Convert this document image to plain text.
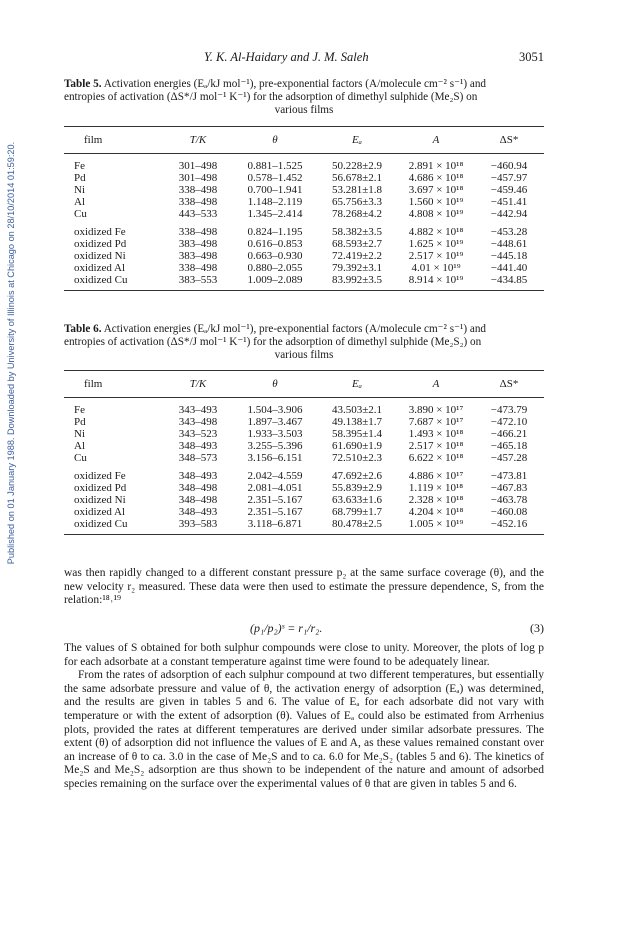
Published on 01 January 1988. Downloaded by University of Illinois at Chicago on 28/10/2014 01:59:20.
Y. K. Al-Haidary and J. M. Saleh	3051
Table 5. Activation energies (Eₐ/kJ mol⁻¹), pre-exponential factors (A/molecule cm⁻² s⁻¹) and
entropies of activation (ΔS*/J mol⁻¹ K⁻¹) for the adsorption of dimethyl sulphide (Me₂S) on
various films
film	T/K	θ	Eₐ	A	ΔS*
Fe	301–498	0.881–1.525	50.228±2.9	2.891 × 10¹⁸	−460.94
Pd	301–498	0.578–1.452	56.678±2.1	4.686 × 10¹⁸	−457.97
Ni	338–498	0.700–1.941	53.281±1.8	3.697 × 10¹⁸	−459.46
Al	338–498	1.148–2.119	65.756±3.3	1.560 × 10¹⁹	−451.41
Cu	443–533	1.345–2.414	78.268±4.2	4.808 × 10¹⁹	−442.94
oxidized Fe	338–498	0.824–1.195	58.382±3.5	4.882 × 10¹⁸	−453.28
oxidized Pd	383–498	0.616–0.853	68.593±2.7	1.625 × 10¹⁹	−448.61
oxidized Ni	383–498	0.663–0.930	72.419±2.2	2.517 × 10¹⁹	−445.18
oxidized Al	338–498	0.880–2.055	79.392±3.1	4.01 × 10¹⁹	−441.40
oxidized Cu	383–553	1.009–2.089	83.992±3.5	8.914 × 10¹⁹	−434.85
Table 6. Activation energies (Eₐ/kJ mol⁻¹), pre-exponential factors (A/molecule cm⁻² s⁻¹) and
entropies of activation (ΔS*/J mol⁻¹ K⁻¹) for the adsorption of dimethyl sulphide (Me₂S₂) on
various films
film	T/K	θ	Eₐ	A	ΔS*
Fe	343–493	1.504–3.906	43.503±2.1	3.890 × 10¹⁷	−473.79
Pd	343–498	1.897–3.467	49.138±1.7	7.687 × 10¹⁷	−472.10
Ni	343–523	1.933–3.503	58.395±1.4	1.493 × 10¹⁸	−466.21
Al	348–493	3.255–5.396	61.690±1.9	2.517 × 10¹⁸	−465.18
Cu	348–573	3.156–6.151	72.510±2.3	6.622 × 10¹⁸	−457.28
oxidized Fe	348–493	2.042–4.559	47.692±2.6	4.886 × 10¹⁷	−473.81
oxidized Pd	348–498	2.081–4.051	55.839±2.9	1.119 × 10¹⁸	−467.83
oxidized Ni	348–498	2.351–5.167	63.633±1.6	2.328 × 10¹⁸	−463.78
oxidized Al	348–493	2.351–5.167	68.799±1.7	4.204 × 10¹⁸	−460.08
oxidized Cu	393–583	3.118–6.871	80.478±2.5	1.005 × 10¹⁹	−452.16

was then rapidly changed to a different constant pressure p₂ at the same surface coverage (θ), and the new velocity r₂ measured. These data were then used to estimate the pressure dependence, S, from the relation:¹⁸˒¹⁹

(p₁/p₂)ˢ = r₁/r₂.	(3)

The values of S obtained for both sulphur compounds were close to unity. Moreover, the plots of log p for each adsorbate at a constant temperature against time were found to be adequately linear.

From the rates of adsorption of each sulphur compound at two different temperatures, but essentially the same adsorbate pressure and value of θ, the activation energy of adsorption (Eₐ) was determined, and the results are given in tables 5 and 6. The value of Eₐ for each adsorbate did not vary with temperature or with the extent of adsorption (θ). Values of Eₐ could also be estimated from Arrhenius plots, provided the rates at different temperatures are derived under similar adsorbate pressures. The extent (θ) of adsorption did not influence the values of E and A, as these values remained constant over an increase of θ to ca. 3.0 in the case of Me₂S and to ca. 6.0 for Me₂S₂ (tables 5 and 6). The kinetics of Me₂S and Me₂S₂ adsorption are thus shown to be independent of the nature and amount of adsorbed species remaining on the surface over the experimental values of θ that are given in tables 5 and 6.
